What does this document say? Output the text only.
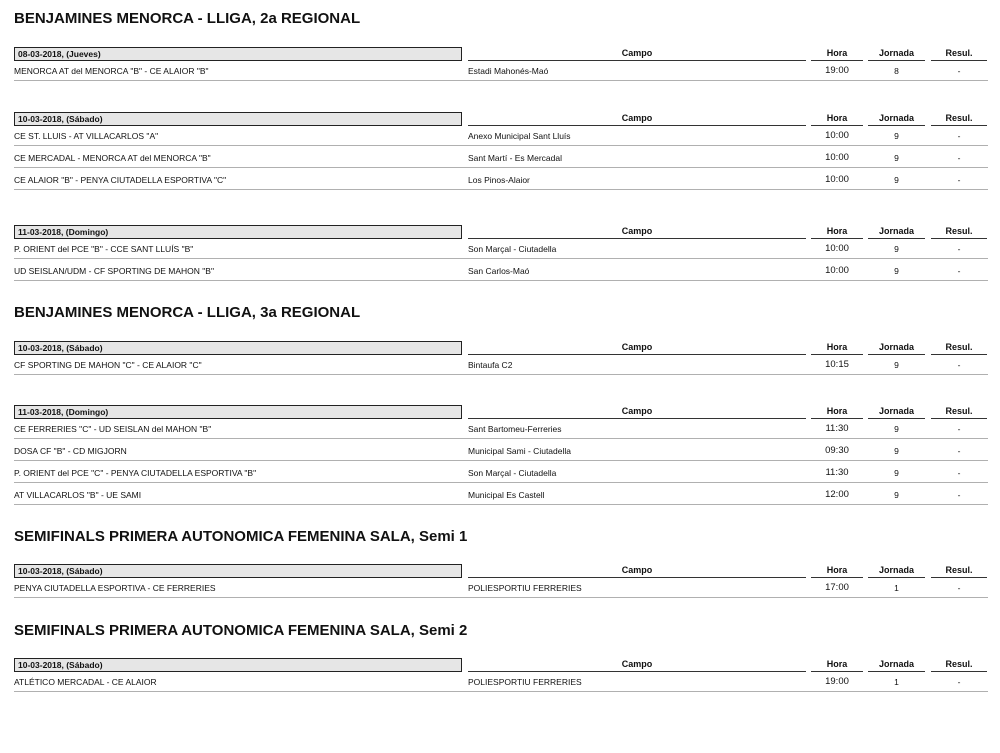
BENJAMINES MENORCA - LLIGA, 2a REGIONAL
08-03-2018, (Jueves)	Campo	Hora	Jornada	Resul.
MENORCA AT del MENORCA "B" - CE ALAIOR "B"	Estadi Mahonés-Maó	19:00	8	-
10-03-2018, (Sábado)	Campo	Hora	Jornada	Resul.
CE ST. LLUIS - AT VILLACARLOS "A"	Anexo Municipal Sant Lluís	10:00	9	-
CE MERCADAL - MENORCA AT del MENORCA "B"	Sant Martí - Es Mercadal	10:00	9	-
CE ALAIOR "B" - PENYA CIUTADELLA ESPORTIVA "C"	Los Pinos-Alaior	10:00	9	-
11-03-2018, (Domingo)	Campo	Hora	Jornada	Resul.
P. ORIENT del PCE "B" - CCE SANT LLUÍS "B"	Son Marçal - Ciutadella	10:00	9	-
UD SEISLAN/UDM - CF SPORTING DE MAHON "B"	San Carlos-Maó	10:00	9	-
BENJAMINES MENORCA - LLIGA, 3a REGIONAL
10-03-2018, (Sábado)	Campo	Hora	Jornada	Resul.
CF SPORTING DE MAHON "C" - CE ALAIOR "C"	Bintaufa C2	10:15	9	-
11-03-2018, (Domingo)	Campo	Hora	Jornada	Resul.
CE FERRERIES "C" - UD SEISLAN del MAHON "B"	Sant Bartomeu-Ferreries	11:30	9	-
DOSA CF "B" - CD MIGJORN	Municipal Sami - Ciutadella	09:30	9	-
P. ORIENT del PCE "C" - PENYA CIUTADELLA ESPORTIVA "B"	Son Marçal - Ciutadella	11:30	9	-
AT VILLACARLOS "B" - UE SAMI	Municipal Es Castell	12:00	9	-
SEMIFINALS PRIMERA AUTONOMICA FEMENINA SALA, Semi 1
10-03-2018, (Sábado)	Campo	Hora	Jornada	Resul.
PENYA CIUTADELLA ESPORTIVA - CE FERRERIES	POLIESPORTIU FERRERIES	17:00	1	-
SEMIFINALS PRIMERA AUTONOMICA FEMENINA SALA, Semi 2
10-03-2018, (Sábado)	Campo	Hora	Jornada	Resul.
ATLÉTICO MERCADAL - CE ALAIOR	POLIESPORTIU FERRERIES	19:00	1	-
